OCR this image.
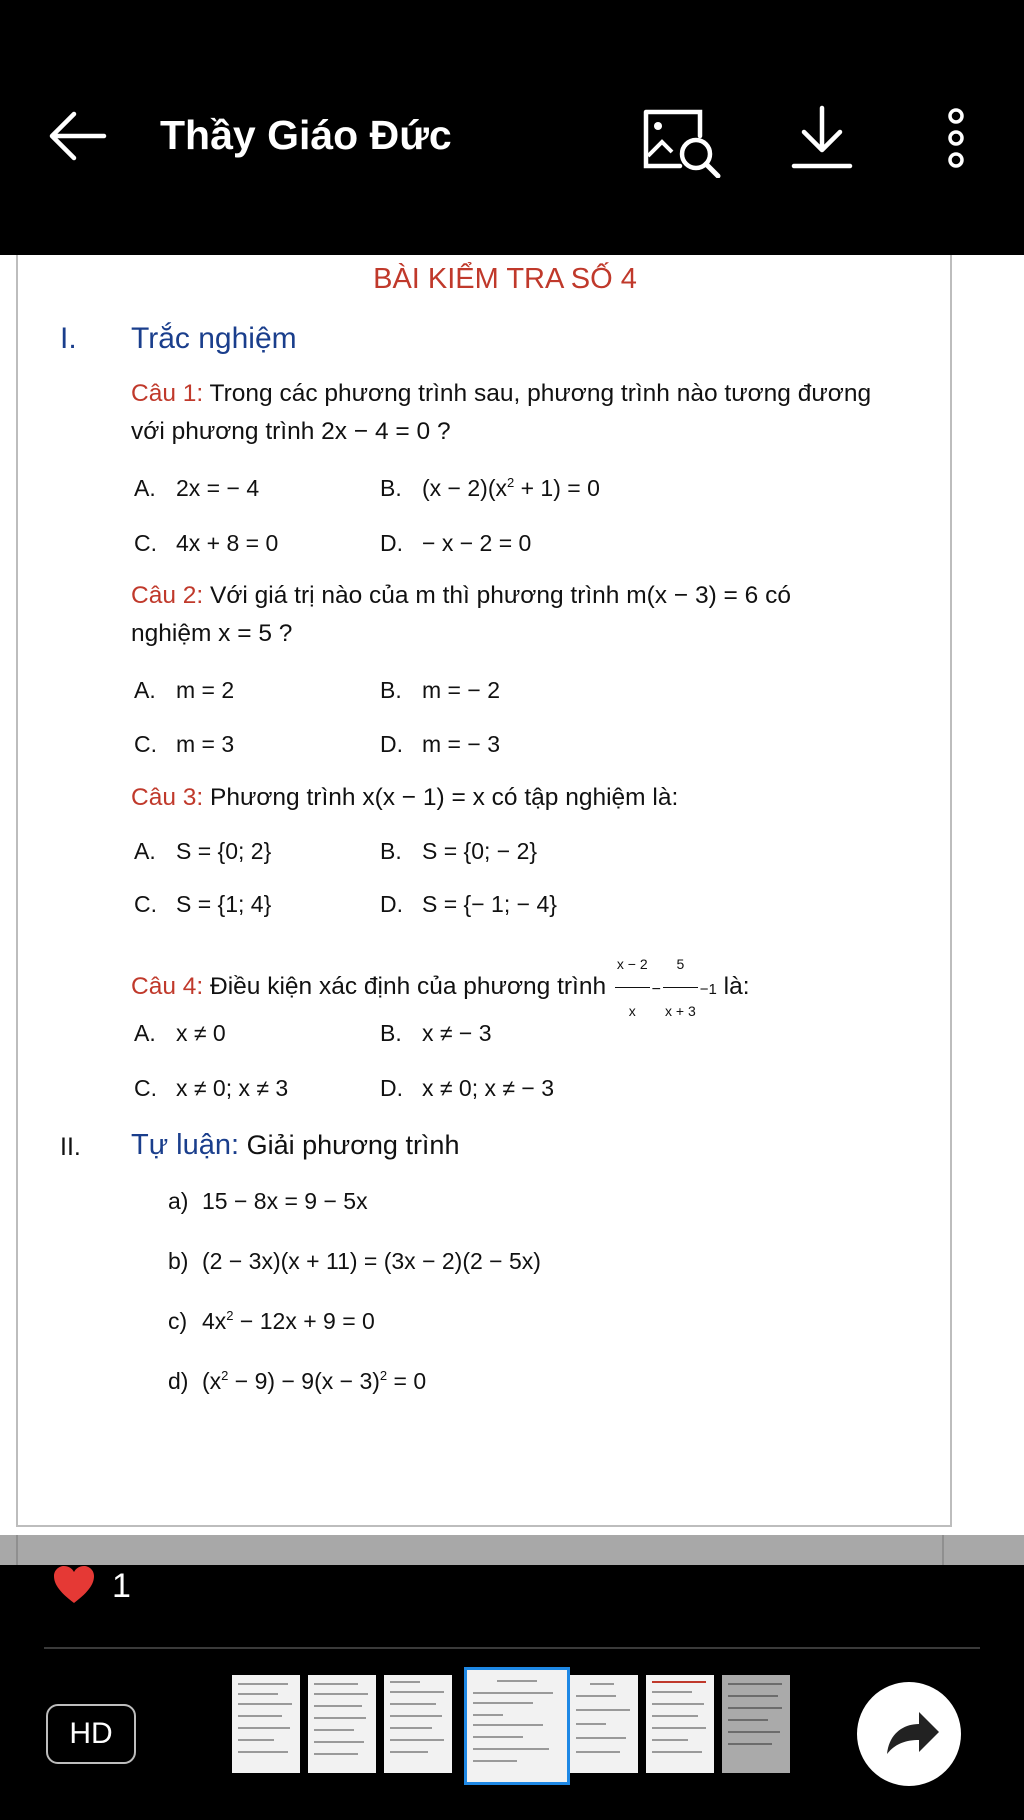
Thầy Giáo Đức
BÀI KIỂM TRA SỐ 4
I. Trắc nghiệm
Câu 1: Trong các phương trình sau, phương trình nào tương đương
với phương trình 2x − 4 = 0 ?
A. 2x = − 4	B. $(x - 2)(x^2 + 1) = 0$
C. 4x + 8 = 0	D. − x − 2 = 0
Câu 2: Với giá trị nào của m thì phương trình m(x − 3) = 6 có
nghiệm x = 5 ?
A. m = 2	B. m = − 2
C. m = 3	D. m = − 3
Câu 3: Phương trình x(x − 1) = x có tập nghiệm là:
A. S = {0; 2}	B. S = {0; − 2}
C. S = {1; 4}	D. S = {− 1; − 4}
Câu 4: Điều kiện xác định của phương trình $\frac{x - 2}{x} - \frac{5}{x + 3} -1$ là:
A. x ≠ 0	B. x ≠ − 3
C. x ≠ 0; x ≠ 3	D. x ≠ 0; x ≠ − 3
II. Tự luận: Giải phương trình
a) 15 − 8x = 9 − 5x
b) (2 − 3x)(x + 11) = (3x − 2)(2 − 5x)
c) $4x^2 - 12x + 9 = 0$
d) $(x^2 - 9) - 9(x - 3)^2 = 0$
1
HD
